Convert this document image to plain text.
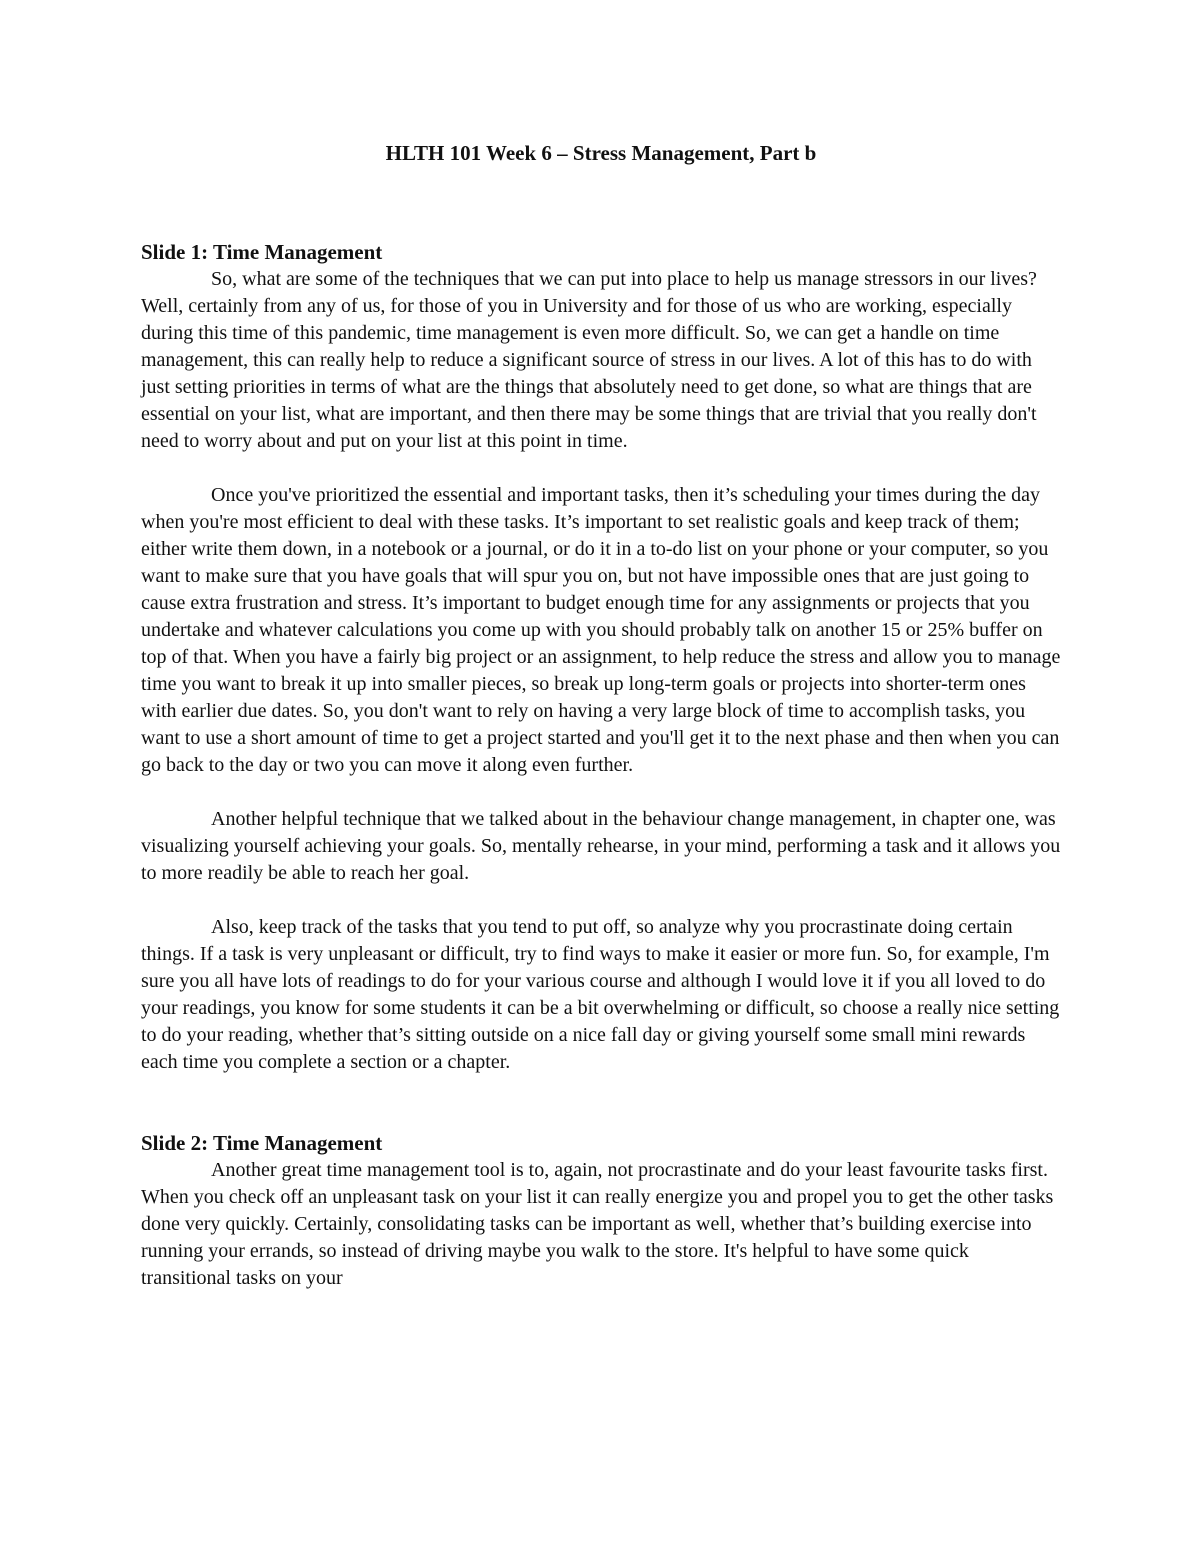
HLTH 101 Week 6 – Stress Management, Part b
Slide 1: Time Management

So, what are some of the techniques that we can put into place to help us manage stressors in our lives? Well, certainly from any of us, for those of you in University and for those of us who are working, especially during this time of this pandemic, time management is even more difficult. So, we can get a handle on time management, this can really help to reduce a significant source of stress in our lives. A lot of this has to do with just setting priorities in terms of what are the things that absolutely need to get done, so what are things that are essential on your list, what are important, and then there may be some things that are trivial that you really don't need to worry about and put on your list at this point in time.

Once you've prioritized the essential and important tasks, then it’s scheduling your times during the day when you're most efficient to deal with these tasks. It’s important to set realistic goals and keep track of them; either write them down, in a notebook or a journal, or do it in a to-do list on your phone or your computer, so you want to make sure that you have goals that will spur you on, but not have impossible ones that are just going to cause extra frustration and stress. It’s important to budget enough time for any assignments or projects that you undertake and whatever calculations you come up with you should probably talk on another 15 or 25% buffer on top of that. When you have a fairly big project or an assignment, to help reduce the stress and allow you to manage time you want to break it up into smaller pieces, so break up long-term goals or projects into shorter-term ones with earlier due dates. So, you don't want to rely on having a very large block of time to accomplish tasks, you want to use a short amount of time to get a project started and you'll get it to the next phase and then when you can go back to the day or two you can move it along even further.

Another helpful technique that we talked about in the behaviour change management, in chapter one, was visualizing yourself achieving your goals. So, mentally rehearse, in your mind, performing a task and it allows you to more readily be able to reach her goal.

Also, keep track of the tasks that you tend to put off, so analyze why you procrastinate doing certain things. If a task is very unpleasant or difficult, try to find ways to make it easier or more fun. So, for example, I'm sure you all have lots of readings to do for your various course and although I would love it if you all loved to do your readings, you know for some students it can be a bit overwhelming or difficult, so choose a really nice setting to do your reading, whether that’s sitting outside on a nice fall day or giving yourself some small mini rewards each time you complete a section or a chapter.

Slide 2: Time Management

Another great time management tool is to, again, not procrastinate and do your least favourite tasks first. When you check off an unpleasant task on your list it can really energize you and propel you to get the other tasks done very quickly. Certainly, consolidating tasks can be important as well, whether that’s building exercise into running your errands, so instead of driving maybe you walk to the store. It's helpful to have some quick transitional tasks on your
